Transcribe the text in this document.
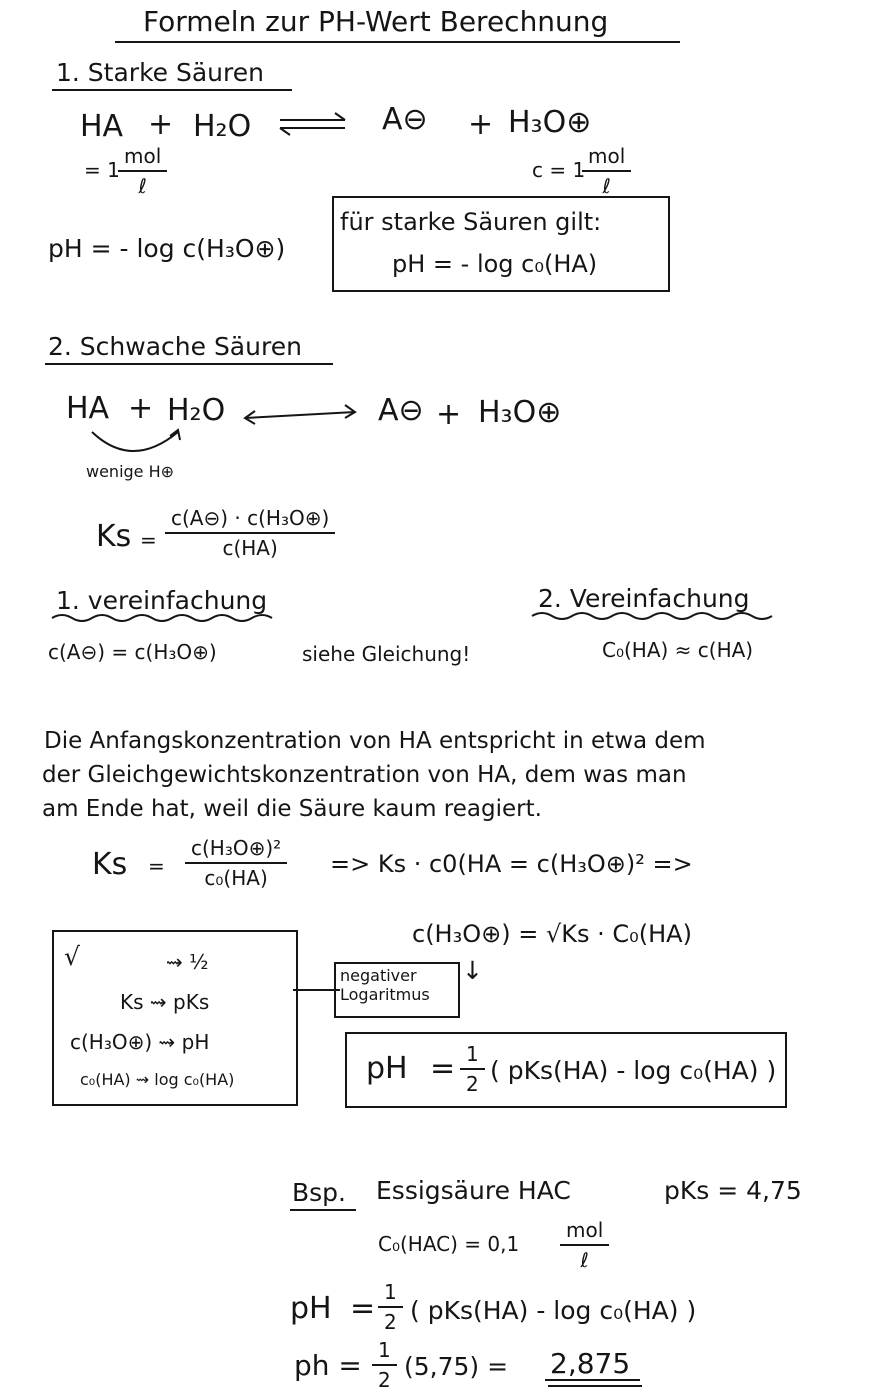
Formeln zur PH-Wert Berechnung
1. Starke Säuren
HA + H₂O	A⊖ + H₃O⊕
= 1
mol
ℓ
c = 1
mol
ℓ
pH = - log c(H₃O⊕)
für starke Säuren gilt:
pH = - log c₀(HA)
2. Schwache Säuren
HA + H₂O	A⊖ + H₃O⊕
wenige H⊕
$Ks = \frac{\text{c(A⊖) · c(H₃O⊕)}}{c(HA)}$
1. vereinfachung
c(A⊖) = c(H₃O⊕)	siehe Gleichung!
2. Vereinfachung
C₀(HA) ≈ c(HA)
Die Anfangskonzentration von HA entspricht in etwa dem
der Gleichgewichtskonzentration von HA, dem was man
am Ende hat, weil die Säure kaum reagiert.
$Ks = \frac{\text{c(H₃O⊕)²}}{\text{c₀(HA)}} => Ks \cdot c0(HA$ = c(H₃O⊕)² =>
c(H₃O⊕) = √Ks · C₀(HA)
↓
√	⇝ ½
Ks ⇝ pKs
c(H₃O⊕) ⇝ pH
c₀(HA) ⇝ log c₀(HA)
negativer Logaritmus
pH = $\frac{1}{2}$ ( pKs(HA) - log c₀(HA) )
Bsp. Essigsäure HAC	pKs = 4,75
C₀(HAC) = 0,1
mol
ℓ
pH = $\frac{1}{2}$ ( pKs(HA) - log c₀(HA) )
ph = $\frac{1}{2} (5,75) = 2,875$
